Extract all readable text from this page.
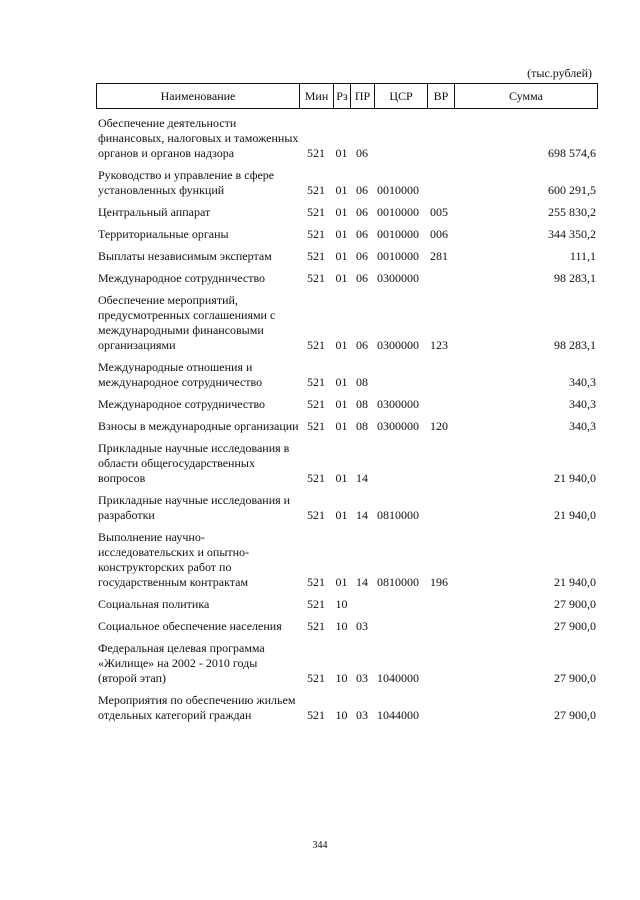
(тыс.рублей)
Наименование	Мин Рз ПР	ЦСР	ВР	Сумма
Обеспечение деятельности финансовых, налоговых и таможенных органов и органов надзора	521 01 06	698 574,6
Руководство и управление в сфере установленных функций	521 01 06 0010000	600 291,5
Центральный аппарат	521 01 06 0010000 005	255 830,2
Территориальные органы	521 01 06 0010000 006	344 350,2
Выплаты независимым экспертам	521 01 06 0010000 281	111,1
Международное сотрудничество	521 01 06 0300000	98 283,1
Обеспечение мероприятий, предусмотренных соглашениями с международными финансовыми организациями	521 01 06 0300000 123	98 283,1
Международные отношения и международное сотрудничество	521 01 08	340,3
Международное сотрудничество	521 01 08 0300000	340,3
Взносы в международные организации 521 01 08 0300000 120	340,3
Прикладные научные исследования в области общегосударственных вопросов	521 01 14	21 940,0
Прикладные научные исследования и разработки	521 01 14 0810000	21 940,0
Выполнение научно-исследовательских и опытно-конструкторских работ по государственным контрактам	521 01 14 0810000 196	21 940,0
Социальная политика	521 10	27 900,0
Социальное обеспечение населения	521 10 03	27 900,0
Федеральная целевая программа «Жилище» на 2002 - 2010 годы (второй этап)	521 10 03 1040000	27 900,0
Мероприятия по обеспечению жильем отдельных категорий граждан	521 10 03 1044000	27 900,0
344
